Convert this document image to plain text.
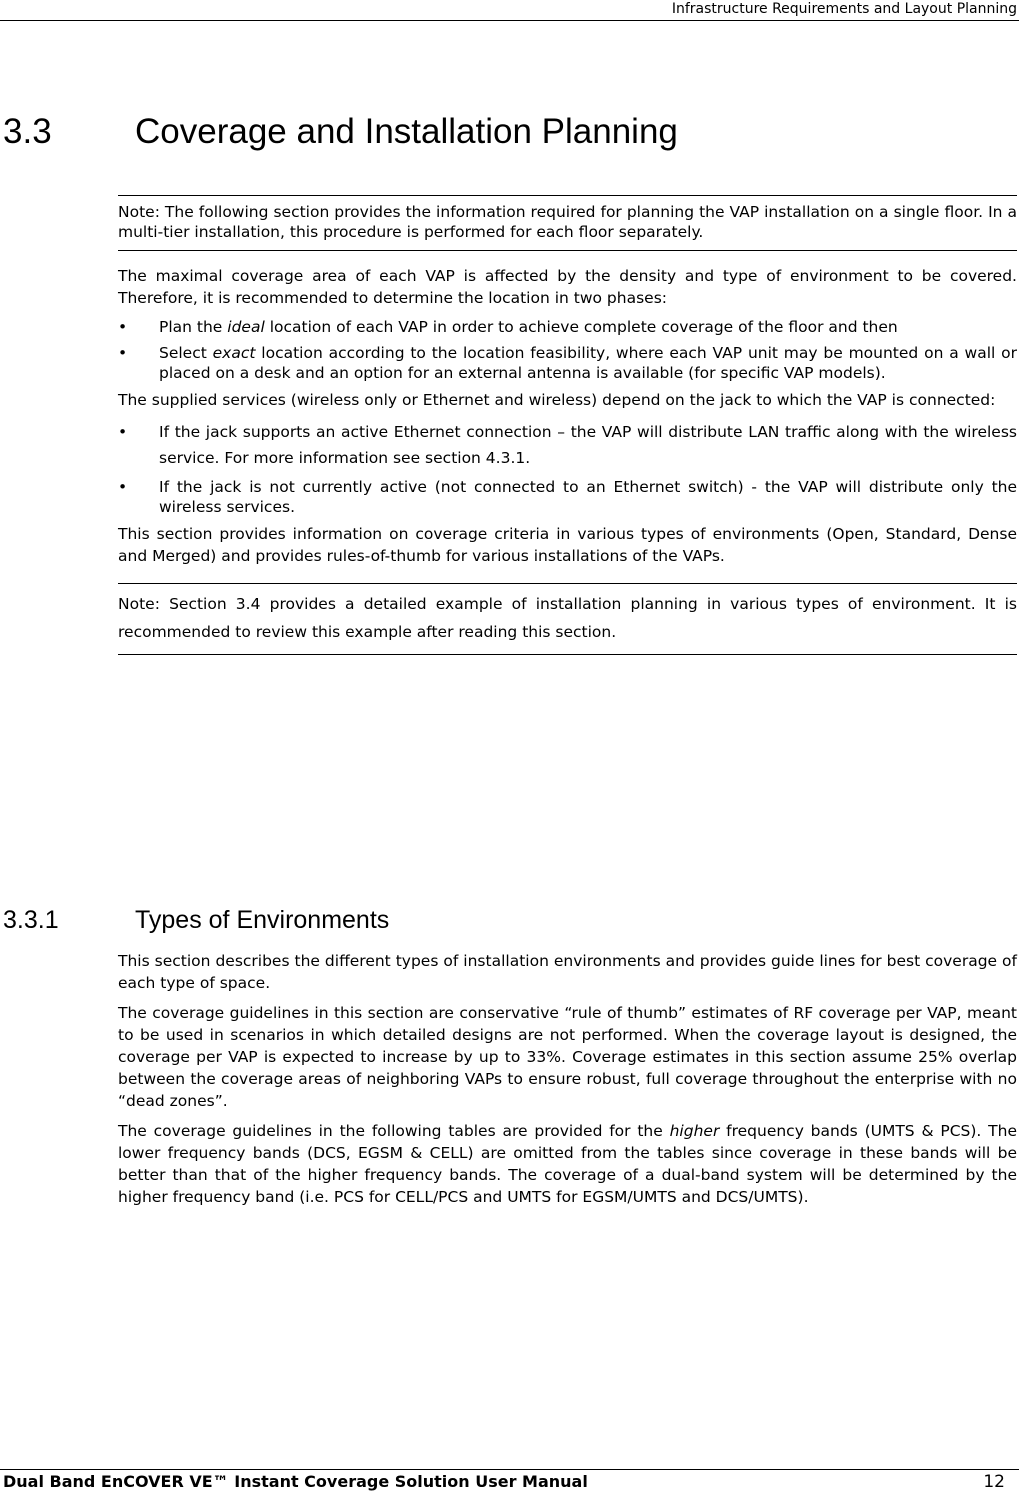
Infrastructure Requirements and Layout Planning
3.3 Coverage and Installation Planning

Note: The following section provides the information required for planning the VAP installation on a single floor. In a multi-tier installation, this procedure is performed for each floor separately.

The maximal coverage area of each VAP is affected by the density and type of environment to be covered. Therefore, it is recommended to determine the location in two phases:

• Plan the ideal location of each VAP in order to achieve complete coverage of the floor and then
• Select exact location according to the location feasibility, where each VAP unit may be mounted on a wall or placed on a desk and an option for an external antenna is available (for specific VAP models).

The supplied services (wireless only or Ethernet and wireless) depend on the jack to which the VAP is connected:

• If the jack supports an active Ethernet connection – the VAP will distribute LAN traffic along with the wireless service. For more information see section 4.3.1.
• If the jack is not currently active (not connected to an Ethernet switch) - the VAP will distribute only the wireless services.

This section provides information on coverage criteria in various types of environments (Open, Standard, Dense and Merged) and provides rules-of-thumb for various installations of the VAPs.

Note: Section 3.4 provides a detailed example of installation planning in various types of environment. It is recommended to review this example after reading this section.

3.3.1	Types of Environments

This section describes the different types of installation environments and provides guide lines for best coverage of each type of space.

The coverage guidelines in this section are conservative “rule of thumb” estimates of RF coverage per VAP, meant to be used in scenarios in which detailed designs are not performed. When the coverage layout is designed, the coverage per VAP is expected to increase by up to 33%. Coverage estimates in this section assume 25% overlap between the coverage areas of neighboring VAPs to ensure robust, full coverage throughout the enterprise with no “dead zones”.

The coverage guidelines in the following tables are provided for the higher frequency bands (UMTS & PCS). The lower frequency bands (DCS, EGSM & CELL) are omitted from the tables since coverage in these bands will be better than that of the higher frequency bands. The coverage of a dual-band system will be determined by the higher frequency band (i.e. PCS for CELL/PCS and UMTS for EGSM/UMTS and DCS/UMTS).

Dual Band EnCOVER VE™ Instant Coverage Solution User Manual	12
